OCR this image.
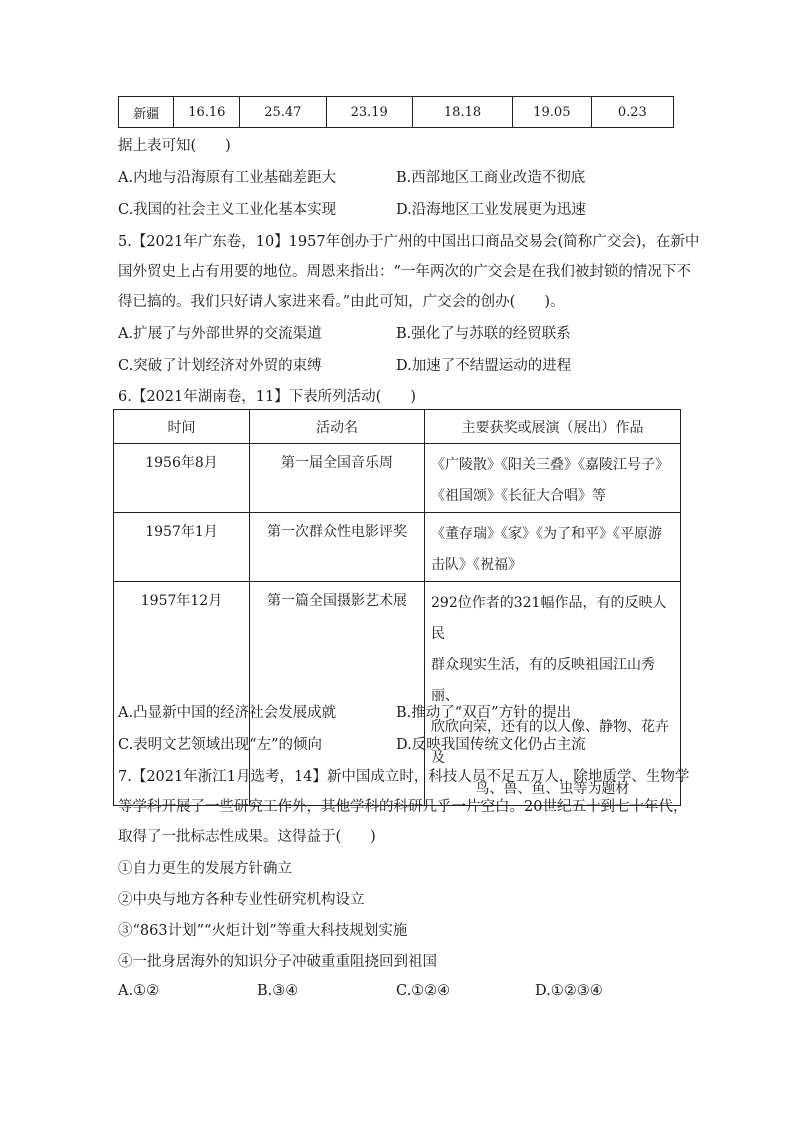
新疆	16.16	25.47	23.19	18.18	19.05	0.23
据上表可知(　　)
A.内地与沿海原有工业基础差距大	B.西部地区工商业改造不彻底
C.我国的社会主义工业化基本实现	D.沿海地区工业发展更为迅速
5.【2021年广东卷，10】1957年创办于广州的中国出口商品交易会(简称广交会)，在新中
国外贸史上占有用要的地位。周恩来指出：“一年两次的广交会是在我们被封锁的情况下不
得已搞的。我们只好请人家进来看。”由此可知，广交会的创办(　　)。
A.扩展了与外部世界的交流渠道	B.强化了与苏联的经贸联系
C.突破了计划经济对外贸的束缚	D.加速了不结盟运动的进程
6.【2021年湖南卷，11】下表所列活动(　　)
时间	活动名	主要获奖或展演（展出）作品
1956年8月	第一届全国音乐周	《广陵散》《阳关三叠》《嘉陵江号子》
《祖国颂》《长征大合唱》等

1957年1月	第一次群众性电影评奖	《董存瑞》《家》《为了和平》《平原游
击队》《祝福》

1957年12月	第一篇全国摄影艺术展	292位作者的321幅作品，有的反映人民
群众现实生活，有的反映祖国江山秀丽、
欣欣向荣，还有的以人像、静物、花卉及
鸟、兽、鱼、虫等为题材
A.凸显新中国的经济社会发展成就	B.推动了“双百”方针的提出
C.表明文艺领域出现“左”的倾向	D.反映我国传统文化仍占主流
7.【2021年浙江1月选考，14】新中国成立时，科技人员不足五万人，除地质学、生物学
等学科开展了一些研究工作外，其他学科的科研几乎一片空白。20世纪五十到七十年代，
取得了一批标志性成果。这得益于(　　)
①自力更生的发展方针确立
②中央与地方各种专业性研究机构设立
③“863计划”“火炬计划”等重大科技规划实施
④一批身居海外的知识分子冲破重重阻挠回到祖国
A.①②	B.③④	C.①②④	D.①②③④
